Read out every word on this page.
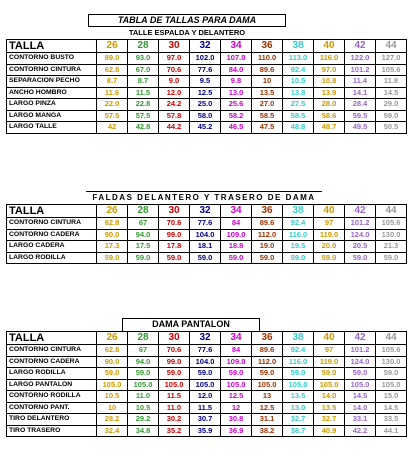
TABLA DE TALLAS PARA DAMA
TALLE ESPALDA Y DELANTERO
TALLA	26	28	30	32	34	36	38	40	42	44
CONTORNO BUSTO	89.0	93.0	97.0	102.0	107.0	110.0	113.0	116.0	122.0	127.0
CONTORNO CINTURA	62.8	67.0	70.6	77.6	84.0	89.6	92.4	97.0	101.2	105.6
SEPARACION PECHO	8.7	8.7	9.0	9.5	9.8	10	10.5	10.8	11.4	11.8
ANCHO HOMBRO	11.6	11.5	12.0	12.5	13.0	13.5	13.8	13.9	14.1	14.5
LARGO PINZA	22.0	22.8	24.2	25.0	25.6	27.0	27.5	28.0	28.4	29.0
LARGO MANGA	57.5	57.5	57.8	58.0	58.2	58.5	58.5	58.6	59.5	59.0
LARGO TALLE	42	42.8	44.2	45.2	46.5	47.5	48.8	48.7	49.5	50.5
FALDAS DELANTERO Y TRASERO DE DAMA
TALLA	26	28	30	32	34	36	38	40	42	44
CONTORNO CINTURA	62.8	67	70.6	77.6	84	89.6	92.4	97	101.2	105.6
CONTORNO CADERA	90.0	94.0	99.0	104.0	109.0	112.0	116.0	119.0	124.0	130.0
LARGO CADERA	17.3	17.5	17.8	18.1	18.8	19.0	19.5	20.0	20.5	21.3
LARGO RODILLA	59.0	59.0	59.0	59.0	59.0	59.0	59.0	59.0	59.0	59.0
DAMA PANTALON
TALLA	26	28	30	32	34	36	38	40	42	44
CONTORNO CINTURA	62.8	67	70.6	77.6	84	89.6	92.4	97	101.2	105.6
CONTORNO CADERA	90.0	94.0	99.0	104.0	109.0	112.0	116.0	119.0	124.0	130.0
LARGO RODILLA	59.0	59.0	59.0	59.0	59.0	59.0	59.0	59.0	59.0	59.0
LARGO PANTALON	105.0	105.0	105.0	105.0	105.0	105.0	105.0	105.0	105.0	105.0
CONTORNO RODILLA	10.5	11.0	11.5	12.0	12.5	13	13.5	14.0	14.5	15.0
CONTORNO PANT.	10	10.5	11.0	11.5	12	12.5	13.0	13.5	14.0	14.5
TIRO DELANTERO	28.2	29.2	30.2	30.7	30.8	31.1	32.7	32.7	33.1	33.5
TIRO TRASERO	32.4	34.8	35.2	35.9	36.9	38.2	38.7	40.9	42.2	44.1
